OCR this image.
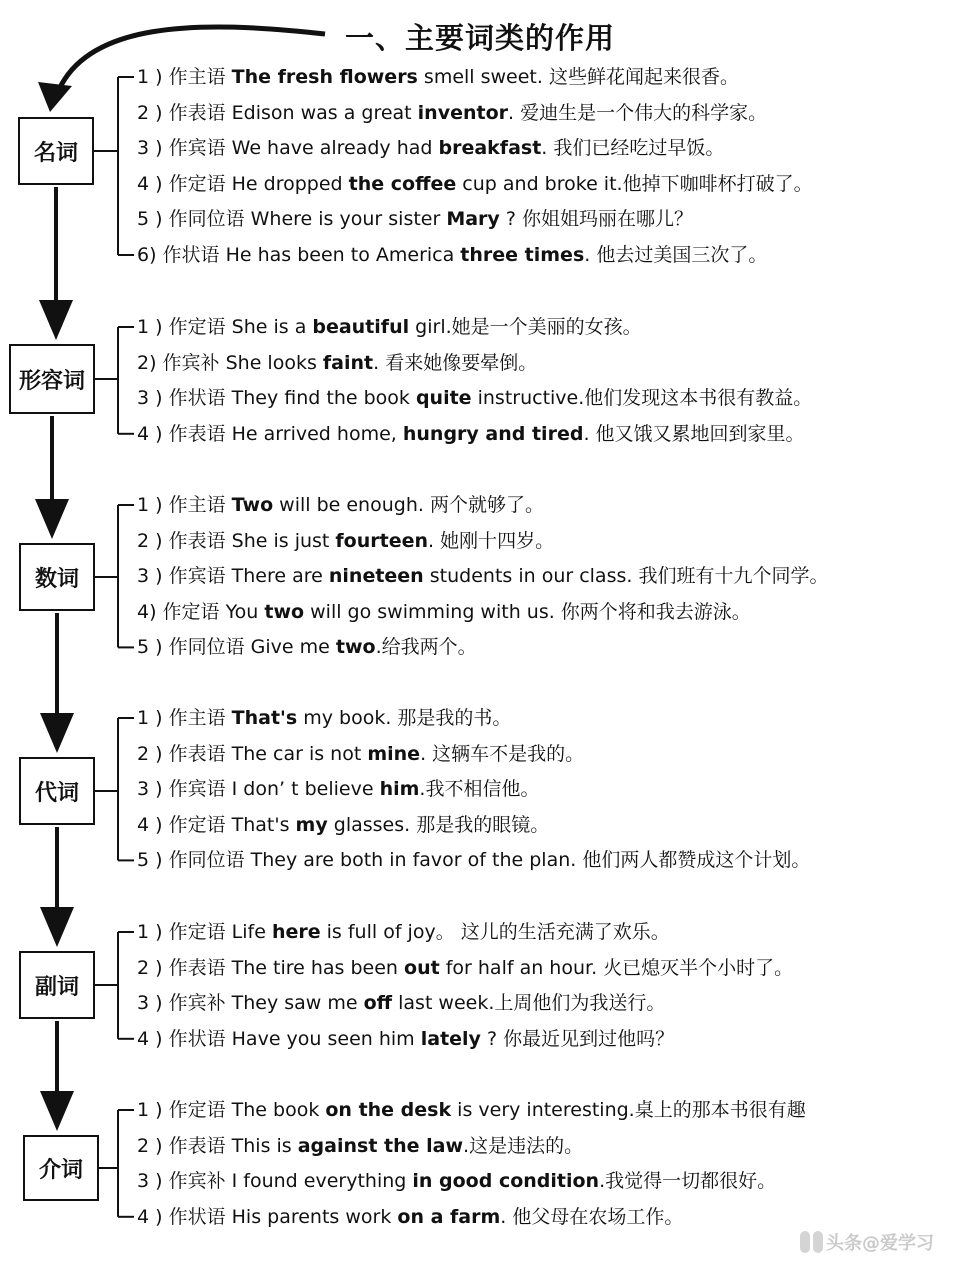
一、主要词类的作用
名词
1 ) 作主语 The fresh flowers smell sweet. 这些鲜花闻起来很香。
2 ) 作表语 Edison was a great inventor. 爱迪生是一个伟大的科学家。
3 ) 作宾语 We have already had breakfast. 我们已经吃过早饭。
4 ) 作定语 He dropped the coffee cup and broke it.他掉下咖啡杯打破了。
5 ) 作同位语 Where is your sister Mary ? 你姐姐玛丽在哪儿？
6) 作状语 He has been to America three times. 他去过美国三次了。
形容词
1 ) 作定语 She is a beautiful girl.她是一个美丽的女孩。
2) 作宾补 She looks faint. 看来她像要晕倒。
3 ) 作状语 They find the book quite instructive.他们发现这本书很有教益。
4 ) 作表语 He arrived home, hungry and tired. 他又饿又累地回到家里。
数词
1 ) 作主语 Two will be enough. 两个就够了。
2 ) 作表语 She is just fourteen. 她刚十四岁。
3 ) 作宾语 There are nineteen students in our class. 我们班有十九个同学。
4) 作定语 You two will go swimming with us. 你两个将和我去游泳。
5 ) 作同位语 Give me two.给我两个。
代词
1 ) 作主语 That's my book. 那是我的书。
2 ) 作表语 The car is not mine. 这辆车不是我的。
3 ) 作宾语 I don’ t believe him.我不相信他。
4 ) 作定语 That's my glasses. 那是我的眼镜。
5 ) 作同位语 They are both in favor of the plan. 他们两人都赞成这个计划。
副词
1 ) 作定语 Life here is full of joy。 这儿的生活充满了欢乐。
2 ) 作表语 The tire has been out for half an hour. 火已熄灭半个小时了。
3 ) 作宾补 They saw me off last week.上周他们为我送行。
4 ) 作状语 Have you seen him lately ? 你最近见到过他吗？
介词
1 ) 作定语 The book on the desk is very interesting.桌上的那本书很有趣
2 ) 作表语 This is against the law.这是违法的。
3 ) 作宾补 I found everything in good condition.我觉得一切都很好。
4 ) 作状语 His parents work on a farm. 他父母在农场工作。
头条@爱学习
